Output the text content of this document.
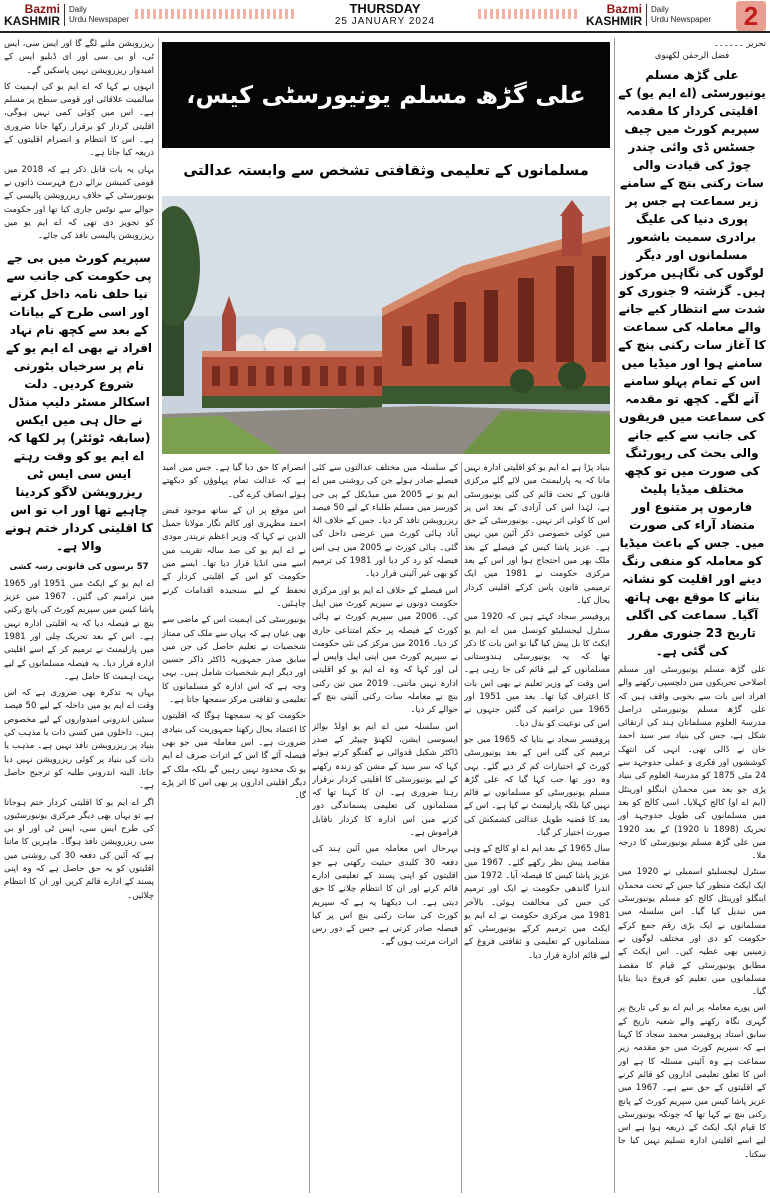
Bazmi
KASHMIR
Daily
Urdu Newspaper
THURSDAY
25 JANUARY 2024
Bazmi
KASHMIR
Daily
Urdu Newspaper 2
تحریر ۔۔۔۔۔۔
فضل الرحمٰن لکھنوی
علی گڑھ مسلم یونیورسٹی (اے ایم یو) کے اقلیتی کردار کا مقدمہ سپریم کورٹ میں چیف جسٹس ڈی وائی چندر چوڑ کی قیادت والی سات رکنی بنچ کے سامنے زیر سماعت ہے جس پر پوری دنیا کی علیگ برادری سمیت باشعور مسلمانوں اور دیگر لوگوں کی نگاہیں مرکوز ہیں۔ گزشتہ 9 جنوری کو شدت سے انتظار کیے جانے والے معاملہ کی سماعت کا آغاز سات رکنی بنچ کے سامنے ہوا اور میڈیا میں اس کے تمام پہلو سامنے آنے لگے۔ کچھ تو مقدمہ کی سماعت میں فریقوں کی جانب سے کیے جانے والی بحث کی رپورٹنگ کی صورت میں تو کچھ مختلف میڈیا پلیٹ فارموں پر متنوع اور متضاد آراء کی صورت میں۔ جس کے باعث میڈیا کو معاملہ کو منفی رنگ دینے اور اقلیت کو نشانہ بنانے کا موقع بھی ہاتھ آگیا۔ سماعت کی اگلی تاریخ 23 جنوری مقرر کی گئی ہے۔

علی گڑھ مسلم یونیورسٹی اور مسلم اصلاحی تحریکوں میں دلچسپی رکھنے والے افراد اس بات سے بخوبی واقف ہیں کہ علی گڑھ مسلم یونیورسٹی دراصل مدرسۃ العلوم مسلمانان ہند کی ارتقائی شکل ہے، جس کی بنیاد سر سید احمد خان نے ڈالی تھی۔ انہی کی انتھک کوششوں اور فکری و عملی جدوجہد سے 24 مئی 1875 کو مدرسۃ العلوم کی بنیاد پڑی جو بعد میں محمڈن اینگلو اورینٹل (ایم اے او) کالج کہلایا۔ اسی کالج کو بعد میں مسلمانوں کی طویل جدوجہد اور تحریک (1898 تا 1920) کے بعد 1920 میں علی گڑھ مسلم یونیورسٹی کا درجہ ملا۔

سنٹرل لیجسلیٹو اسمبلی نے 1920 میں ایک ایکٹ منظور کیا جس کے تحت محمڈن اینگلو اورینٹل کالج کو مسلم یونیورسٹی میں تبدیل کیا گیا۔ اس سلسلہ میں مسلمانوں نے ایک بڑی رقم جمع کرکے حکومت کو دی اور مختلف لوگوں نے زمینیں بھی عطیہ کیں۔ اس ایکٹ کے مطابق یونیورسٹی کے قیام کا مقصد مسلمانوں میں تعلیم کو فروغ دینا بتایا گیا۔

اس پورے معاملہ پر ایم اے یو کی تاریخ پر گہری نگاہ رکھنے والے شعبہ تاریخ کے سابق استاد پروفیسر محمد سجاد کا کہنا ہے کہ سپریم کورٹ میں جو مقدمہ زیر سماعت ہے وہ آئینی مسئلہ کا ہے اور اس کا تعلق تعلیمی اداروں کو قائم کرنے کے اقلیتوں کے حق سے ہے۔ 1967 میں عزیز پاشا کیس میں سپریم کورٹ کے پانچ رکنی بنچ نے کہا تھا کہ چونکہ یونیورسٹی کا قیام ایک ایکٹ کے ذریعہ ہوا ہے اس لیے اسے اقلیتی ادارہ تسلیم نہیں کیا جا سکتا۔

ریزرویشن ملنے لگے گا اور ایس سی، ایس ٹی، او بی سی اور ای ڈبلیو ایس کے امیدوار ریزرویشن نہیں پاسکیں گے۔

انہوں نے کہا کہ اے ایم یو کی اہمیت کا سالمیت علاقائی اور قومی سطح پر مسلم ہے۔ اس میں کوئی کمی نہیں ہوگی، اقلیتی کردار کو برقرار رکھا جانا ضروری ہے۔ اس کا انتظام و انصرام اقلیتوں کے ذریعہ کیا جاتا ہے۔

یہاں یہ بات قابل ذکر ہے کہ 2018 میں قومی کمیشن برائے درج فہرست ذاتوں نے یونیورسٹی کے خلاف ریزرویشن پالیسی کے حوالے سے نوٹس جاری کیا تھا اور حکومت کو تجویز دی تھی کہ اے ایم یو میں ریزرویشن پالیسی نافذ کی جائے۔

سپریم کورٹ میں بی جے پی حکومت کی جانب سے نیا حلف نامہ داخل کرنے اور اسی طرح کے بیانات کے بعد سے کچھ نام نہاد افراد نے بھی اے ایم یو کے نام پر سرخیاں بٹورنی شروع کردیں۔ دلت اسکالر مسٹر دلیپ منڈل نے حال ہی میں ایکس (سابقہ ٹوئٹر) پر لکھا کہ اے ایم یو کو وقت رہتے ایس سی ایس ٹی ریزرویشن لاگو کردینا چاہیے تھا اور اب تو اس کا اقلیتی کردار ختم ہونے والا ہے۔

57 برسوں کی قانونی رسہ کشی

اے ایم یو کے ایکٹ میں 1951 اور 1965 میں ترامیم کی گئیں۔ 1967 میں عزیز پاشا کیس میں سپریم کورٹ کی پانچ رکنی بنچ نے فیصلہ دیا کہ یہ اقلیتی ادارہ نہیں ہے۔ اس کے بعد تحریک چلی اور 1981 میں پارلیمنٹ نے ترمیم کر کے اسے اقلیتی ادارہ قرار دیا۔ یہ فیصلہ مسلمانوں کے لیے بہت اہمیت کا حامل ہے۔

یہاں یہ تذکرہ بھی ضروری ہے کہ اس وقت اے ایم یو میں داخلہ کے لیے 50 فیصد سیٹیں اندرونی امیدواروں کے لیے مخصوص ہیں۔ داخلوں میں کسی ذات یا مذہب کی بنیاد پر ریزرویشن نافذ نہیں ہے۔ مذہب یا ذات کی بنیاد پر کوئی ریزرویشن نہیں دیا جاتا، البتہ اندرونی طلبہ کو ترجیح حاصل ہے۔

اگر اے ایم یو کا اقلیتی کردار ختم ہوجاتا ہے تو یہاں بھی دیگر مرکزی یونیورسٹیوں کی طرح ایس سی، ایس ٹی اور او بی سی ریزرویشن نافذ ہوگا۔ ماہرین کا ماننا ہے کہ آئین کی دفعہ 30 کی روشنی میں اقلیتوں کو یہ حق حاصل ہے کہ وہ اپنی پسند کے ادارے قائم کریں اور ان کا انتظام چلائیں۔

علی گڑھ مسلم یونیورسٹی کیس،
مسلمانوں کے تعلیمی وثقافتی تشخص سے وابستہ عدالتی

انصرام کا حق دیا گیا ہے۔ جس میں امید ہے کہ عدالت تمام پہلوؤں کو دیکھتے ہوئے انصاف کرے گی۔

اس موقع پر ان کے ساتھ موجود فیض احمد مظہری اور کالم نگار مولانا جمیل الدین نے کہا کہ وزیر اعظم نریندر مودی نے اے ایم یو کی صد سالہ تقریب میں اسے منی انڈیا قرار دیا تھا۔ ایسے میں حکومت کو اس کے اقلیتی کردار کے تحفظ کے لیے سنجیدہ اقدامات کرنے چاہئیں۔

یونیورسٹی کی اہمیت اس کے ماضی سے بھی عیاں ہے کہ یہاں سے ملک کی ممتاز شخصیات نے تعلیم حاصل کی جن میں سابق صدر جمہوریہ ڈاکٹر ذاکر حسین اور دیگر اہم شخصیات شامل ہیں۔ یہی وجہ ہے کہ اس ادارہ کو مسلمانوں کا تعلیمی و ثقافتی مرکز سمجھا جاتا ہے۔

حکومت کو یہ سمجھنا ہوگا کہ اقلیتوں کا اعتماد بحال رکھنا جمہوریت کی بنیادی ضرورت ہے۔ اس معاملہ میں جو بھی فیصلہ آئے گا اس کے اثرات صرف اے ایم یو تک محدود نہیں رہیں گے بلکہ ملک کے دیگر اقلیتی اداروں پر بھی اس کا اثر پڑے گا۔

کے سلسلہ میں مختلف عدالتوں سے کئی فیصلے صادر ہوئے جن کی روشنی میں اے ایم یو نے 2005 میں میڈیکل کے پی جی کورسز میں مسلم طلباء کے لیے 50 فیصد ریزرویشن نافذ کر دیا۔ جس کے خلاف الہٰ آباد ہائی کورٹ میں عرضی داخل کی گئی۔ ہائی کورٹ نے 2005 میں ہی اس فیصلہ کو رد کر دیا اور 1981 کی ترمیم کو بھی غیر آئینی قرار دیا۔

اس فیصلے کے خلاف اے ایم یو اور مرکزی حکومت دونوں نے سپریم کورٹ میں اپیل کی۔ 2006 میں سپریم کورٹ نے ہائی کورٹ کے فیصلہ پر حکم امتناعی جاری کر دیا۔ 2016 میں مرکز کی نئی حکومت نے سپریم کورٹ میں اپنی اپیل واپس لے لی اور کہا کہ وہ اے ایم یو کو اقلیتی ادارہ نہیں مانتی۔ 2019 میں تین رکنی بنچ نے معاملہ سات رکنی آئینی بنچ کے حوالے کر دیا۔

اس سلسلہ میں اے ایم یو اولڈ بوائز ایسوسی ایشن، لکھنؤ چیپٹر کے صدر ڈاکٹر شکیل قدوائی نے گفتگو کرتے ہوئے کہا کہ سر سید کے مشن کو زندہ رکھنے کے لیے یونیورسٹی کا اقلیتی کردار برقرار رہنا ضروری ہے۔ ان کا کہنا تھا کہ مسلمانوں کی تعلیمی پسماندگی دور کرنے میں اس ادارہ کا کردار ناقابل فراموش ہے۔

بہرحال اس معاملہ میں آئین ہند کی دفعہ 30 کلیدی حیثیت رکھتی ہے جو اقلیتوں کو اپنی پسند کے تعلیمی ادارے قائم کرنے اور ان کا انتظام چلانے کا حق دیتی ہے۔ اب دیکھنا یہ ہے کہ سپریم کورٹ کی سات رکنی بنچ اس پر کیا فیصلہ صادر کرتی ہے جس کے دور رس اثرات مرتب ہوں گے۔

بنیاد پڑا ہے اے ایم یو کو اقلیتی ادارہ نہیں مانا کہ یہ پارلیمنٹ میں لائے گئے مرکزی قانون کے تحت قائم کی گئی یونیورسٹی ہے، لہٰذا اس کی آزادی کے بعد اس پر اس کا کوئی اثر نہیں۔ یونیورسٹی کے حق میں کوئی خصوصی ذکر آئین میں نہیں ہے۔ عزیز پاشا کیس کے فیصلے کے بعد ملک بھر میں احتجاج ہوا اور اس کے بعد مرکزی حکومت نے 1981 میں ایک ترمیمی قانون پاس کرکے اقلیتی کردار بحال کیا۔

پروفیسر سجاد کہتے ہیں کہ 1920 میں سنٹرل لیجسلیٹو کونسل میں اے ایم یو ایکٹ کا بل پیش کیا گیا تو اس بات کا ذکر تھا کہ یہ یونیورسٹی ہندوستانی مسلمانوں کے لیے قائم کی جا رہی ہے۔ اس وقت کے وزیر تعلیم نے بھی اس بات کا اعتراف کیا تھا۔ بعد میں 1951 اور 1965 میں ترامیم کی گئیں جنہوں نے اس کی نوعیت کو بدل دیا۔

پروفیسر سجاد نے بتایا کہ 1965 میں جو ترمیم کی گئی اس کے بعد یونیورسٹی کورٹ کے اختیارات کم کر دیے گئے۔ یہی وہ دور تھا جب کہا گیا کہ علی گڑھ مسلم یونیورسٹی کو مسلمانوں نے قائم نہیں کیا بلکہ پارلیمنٹ نے کیا ہے۔ اس کے بعد کا قضیہ طویل عدالتی کشمکش کی صورت اختیار کر گیا۔

سال 1965 کے بعد ایم اے او کالج کے وہی مقاصد پیش نظر رکھے گئے۔ 1967 میں عزیز پاشا کیس کا فیصلہ آیا۔ 1972 میں اندرا گاندھی حکومت نے ایک اور ترمیم کی جس کی مخالفت ہوئی۔ بالآخر 1981 میں مرکزی حکومت نے اے ایم یو ایکٹ میں ترمیم کرکے یونیورسٹی کو مسلمانوں کے تعلیمی و ثقافتی فروغ کے لیے قائم ادارہ قرار دیا۔
